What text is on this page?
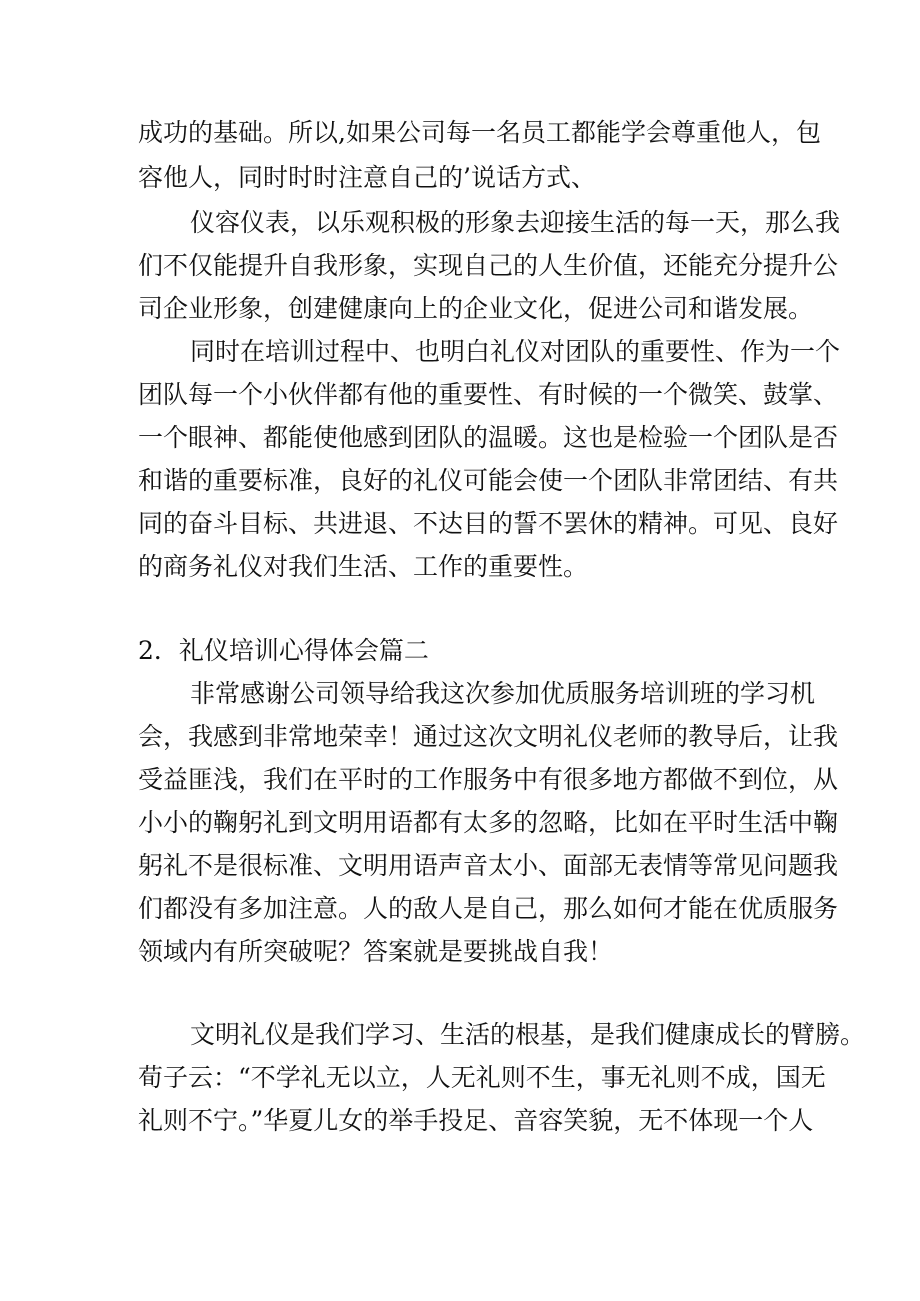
成功的基础。所以,如果公司每一名员工都能学会尊重他人，包
容他人，同时时时注意自己的’说话方式、
仪容仪表，以乐观积极的形象去迎接生活的每一天，那么我
们不仅能提升自我形象，实现自己的人生价值，还能充分提升公
司企业形象，创建健康向上的企业文化，促进公司和谐发展。
同时在培训过程中、也明白礼仪对团队的重要性、作为一个
团队每一个小伙伴都有他的重要性、有时候的一个微笑、鼓掌、
一个眼神、都能使他感到团队的温暖。这也是检验一个团队是否
和谐的重要标准，良好的礼仪可能会使一个团队非常团结、有共
同的奋斗目标、共进退、不达目的誓不罢休的精神。可见、良好
的商务礼仪对我们生活、工作的重要性。
2．礼仪培训心得体会篇二
非常感谢公司领导给我这次参加优质服务培训班的学习机
会，我感到非常地荣幸！通过这次文明礼仪老师的教导后，让我
受益匪浅，我们在平时的工作服务中有很多地方都做不到位，从
小小的鞠躬礼到文明用语都有太多的忽略，比如在平时生活中鞠
躬礼不是很标准、文明用语声音太小、面部无表情等常见问题我
们都没有多加注意。人的敌人是自己，那么如何才能在优质服务
领域内有所突破呢？答案就是要挑战自我！
文明礼仪是我们学习、生活的根基，是我们健康成长的臂膀。
荀子云：“不学礼无以立，人无礼则不生，事无礼则不成，国无
礼则不宁。”华夏儿女的举手投足、音容笑貌，无不体现一个人
